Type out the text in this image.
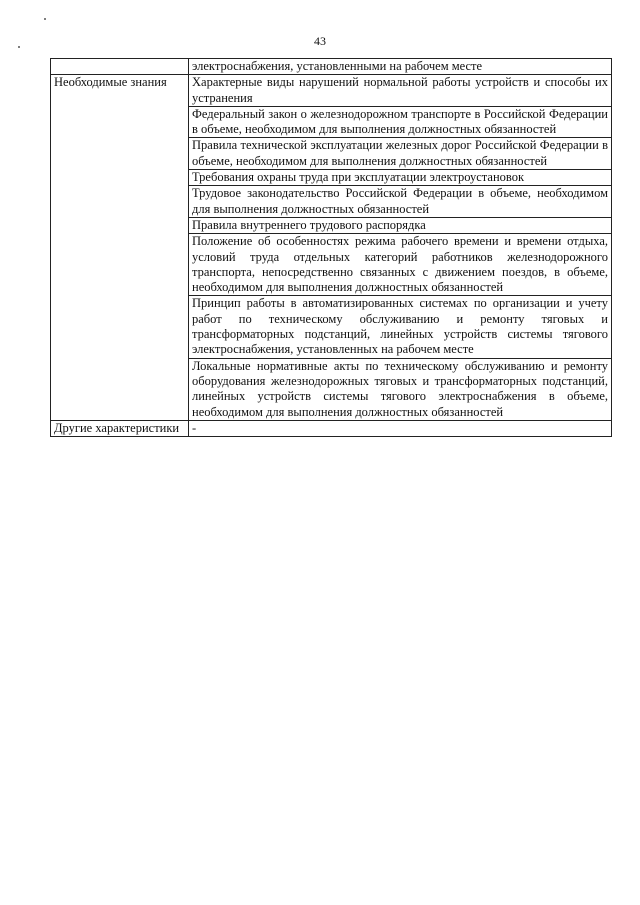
43
	электроснабжения, установленными на рабочем месте
Необходимые знания	Характерные виды нарушений нормальной работы устройств и способы их устранения
	Федеральный закон о железнодорожном транспорте в Российской Федерации в объеме, необходимом для выполнения должностных обязанностей
	Правила технической эксплуатации железных дорог Российской Федерации в объеме, необходимом для выполнения должностных обязанностей
	Требования охраны труда при эксплуатации электроустановок
	Трудовое законодательство Российской Федерации в объеме, необходимом для выполнения должностных обязанностей
	Правила внутреннего трудового распорядка
	Положение об особенностях режима рабочего времени и времени отдыха, условий труда отдельных категорий работников железнодорожного транспорта, непосредственно связанных с движением поездов, в объеме, необходимом для выполнения должностных обязанностей
	Принцип работы в автоматизированных системах по организации и учету работ по техническому обслуживанию и ремонту тяговых и трансформаторных подстанций, линейных устройств системы тягового электроснабжения, установленных на рабочем месте
	Локальные нормативные акты по техническому обслуживанию и ремонту оборудования железнодорожных тяговых и трансформаторных подстанций, линейных устройств системы тягового электроснабжения в объеме, необходимом для выполнения должностных обязанностей
Другие характеристики	-
